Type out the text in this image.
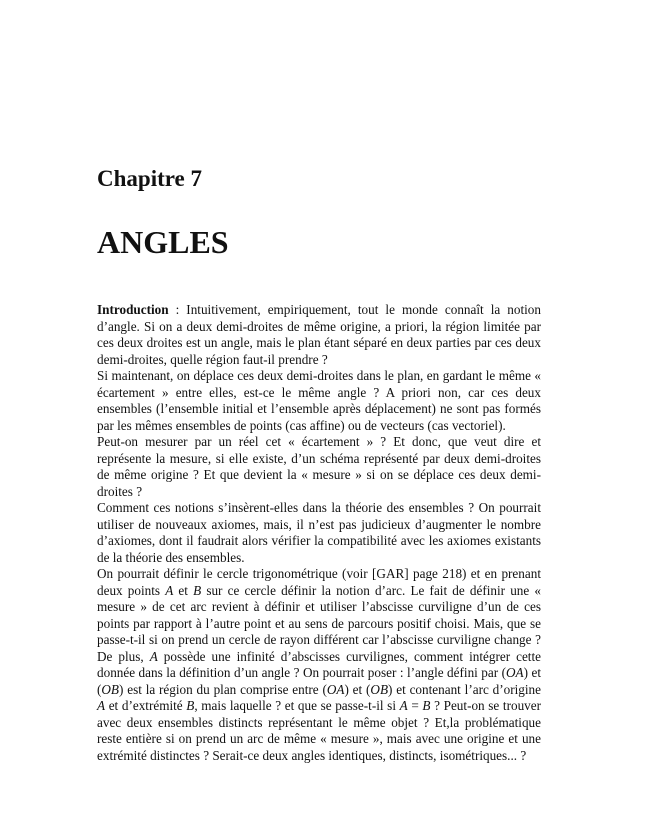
Chapitre 7
ANGLES

Introduction : Intuitivement, empiriquement, tout le monde connaît la notion d’angle. Si on a deux demi-droites de même origine, a priori, la région limitée par ces deux droites est un angle, mais le plan étant séparé en deux parties par ces deux demi-droites, quelle région faut-il prendre ?

Si maintenant, on déplace ces deux demi-droites dans le plan, en gardant le même « écartement » entre elles, est-ce le même angle ? A priori non, car ces deux ensembles (l’ensemble initial et l’ensemble après déplacement) ne sont pas formés par les mêmes ensembles de points (cas affine) ou de vecteurs (cas vectoriel).

Peut-on mesurer par un réel cet « écartement » ? Et donc, que veut dire et représente la mesure, si elle existe, d’un schéma représenté par deux demi-droites de même origine ? Et que devient la « mesure » si on se déplace ces deux demi-droites ?

Comment ces notions s’insèrent-elles dans la théorie des ensembles ? On pourrait utiliser de nouveaux axiomes, mais, il n’est pas judicieux d’augmenter le nombre d’axiomes, dont il faudrait alors vérifier la compatibilité avec les axiomes existants de la théorie des ensembles.

On pourrait définir le cercle trigonométrique (voir [GAR] page 218) et en prenant deux points A et B sur ce cercle définir la notion d’arc. Le fait de définir une « mesure » de cet arc revient à définir et utiliser l’abscisse curviligne d’un de ces points par rapport à l’autre point et au sens de parcours positif choisi. Mais, que se passe-t-il si on prend un cercle de rayon différent car l’abscisse curviligne change ? De plus, A possède une infinité d’abscisses curvilignes, comment intégrer cette donnée dans la définition d’un angle ? On pourrait poser : l’angle défini par (OA) et (OB) est la région du plan comprise entre (OA) et (OB) et contenant l’arc d’origine A et d’extrémité B, mais laquelle ? et que se passe-t-il si A = B ? Peut-on se trouver avec deux ensembles distincts représentant le même objet ? Et,la problématique reste entière si on prend un arc de même « mesure », mais avec une origine et une extrémité distinctes ? Serait-ce deux angles identiques, distincts, isométriques... ?
